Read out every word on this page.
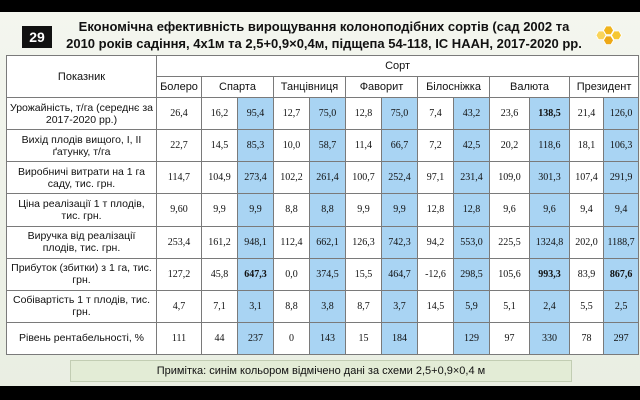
29
Економічна ефективність вирощування колоноподібних сортів (сад 2002 та 2010 років садіння, 4х1м та 2,5+0,9×0,4м, підщепа 54-118, ІС НААН, 2017-2020 рр.
Показник	Сорт												
	Болеро	Спарта		Танцівниця		Фаворит		Білосніжка		Валюта		Президент	
Урожайність, т/га (середнє за 2017-2020 рр.)	26,4	16,2	95,4	12,7	75,0	12,8	75,0	7,4	43,2	23,6	138,5	21,4	126,0
Вихід плодів вищого, І, ІІ ґатунку, т/га	22,7	14,5	85,3	10,0	58,7	11,4	66,7	7,2	42,5	20,2	118,6	18,1	106,3
Виробничі витрати на 1 га саду, тис. грн.	114,7	104,9	273,4	102,2	261,4	100,7	252,4	97,1	231,4	109,0	301,3	107,4	291,9
Ціна реалізації 1 т плодів, тис. грн.	9,60	9,9	9,9	8,8	8,8	9,9	9,9	12,8	12,8	9,6	9,6	9,4	9,4
Виручка від реалізації плодів, тис. грн.	253,4	161,2	948,1	112,4	662,1	126,3	742,3	94,2	553,0	225,5	1324,8	202,0	1188,7
Прибуток (збитки) з 1 га, тис. грн.	127,2	45,8	647,3	0,0	374,5	15,5	464,7	-12,6	298,5	105,6	993,3	83,9	867,6
Собівартість 1 т плодів, тис. грн.	4,7	7,1	3,1	8,8	3,8	8,7	3,7	14,5	5,9	5,1	2,4	5,5	2,5
Рівень рентабельності, %	111	44	237	0	143	15	184		129	97	330	78	297
Примітка: синім кольором відмічено дані за схеми 2,5+0,9×0,4 м
